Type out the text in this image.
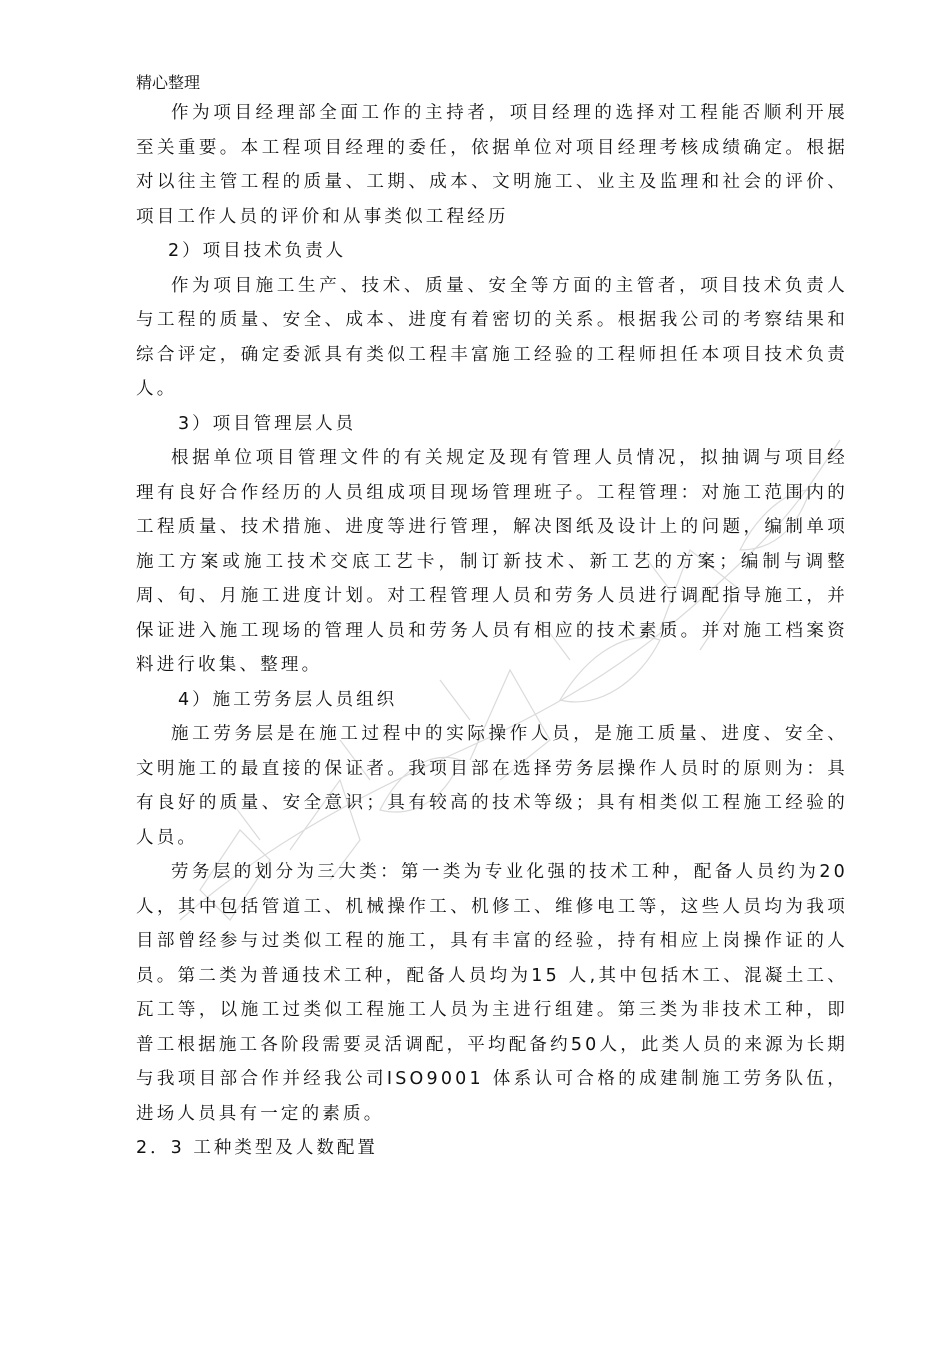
精心整理

作为项目经理部全面工作的主持者，项目经理的选择对工程能否顺利开展至关重要。本工程项目经理的委任，依据单位对项目经理考核成绩确定。根据对以往主管工程的质量、工期、成本、文明施工、业主及监理和社会的评价、项目工作人员的评价和从事类似工程经历

2）项目技术负责人

作为项目施工生产、技术、质量、安全等方面的主管者，项目技术负责人与工程的质量、安全、成本、进度有着密切的关系。根据我公司的考察结果和综合评定，确定委派具有类似工程丰富施工经验的工程师担任本项目技术负责人。

3）项目管理层人员

根据单位项目管理文件的有关规定及现有管理人员情况，拟抽调与项目经理有良好合作经历的人员组成项目现场管理班子。工程管理：对施工范围内的工程质量、技术措施、进度等进行管理，解决图纸及设计上的问题，编制单项施工方案或施工技术交底工艺卡，制订新技术、新工艺的方案；编制与调整周、旬、月施工进度计划。对工程管理人员和劳务人员进行调配指导施工，并保证进入施工现场的管理人员和劳务人员有相应的技术素质。并对施工档案资料进行收集、整理。

4）施工劳务层人员组织

施工劳务层是在施工过程中的实际操作人员，是施工质量、进度、安全、文明施工的最直接的保证者。我项目部在选择劳务层操作人员时的原则为：具有良好的质量、安全意识；具有较高的技术等级；具有相类似工程施工经验的人员。

劳务层的划分为三大类：第一类为专业化强的技术工种，配备人员约为20 人，其中包括管道工、机械操作工、机修工、维修电工等，这些人员均为我项目部曾经参与过类似工程的施工，具有丰富的经验，持有相应上岗操作证的人员。第二类为普通技术工种，配备人员均为15 人,其中包括木工、混凝土工、瓦工等，以施工过类似工程施工人员为主进行组建。第三类为非技术工种，即普工根据施工各阶段需要灵活调配，平均配备约50人，此类人员的来源为长期与我项目部合作并经我公司ISO9001 体系认可合格的成建制施工劳务队伍，进场人员具有一定的素质。

2．3 工种类型及人数配置
